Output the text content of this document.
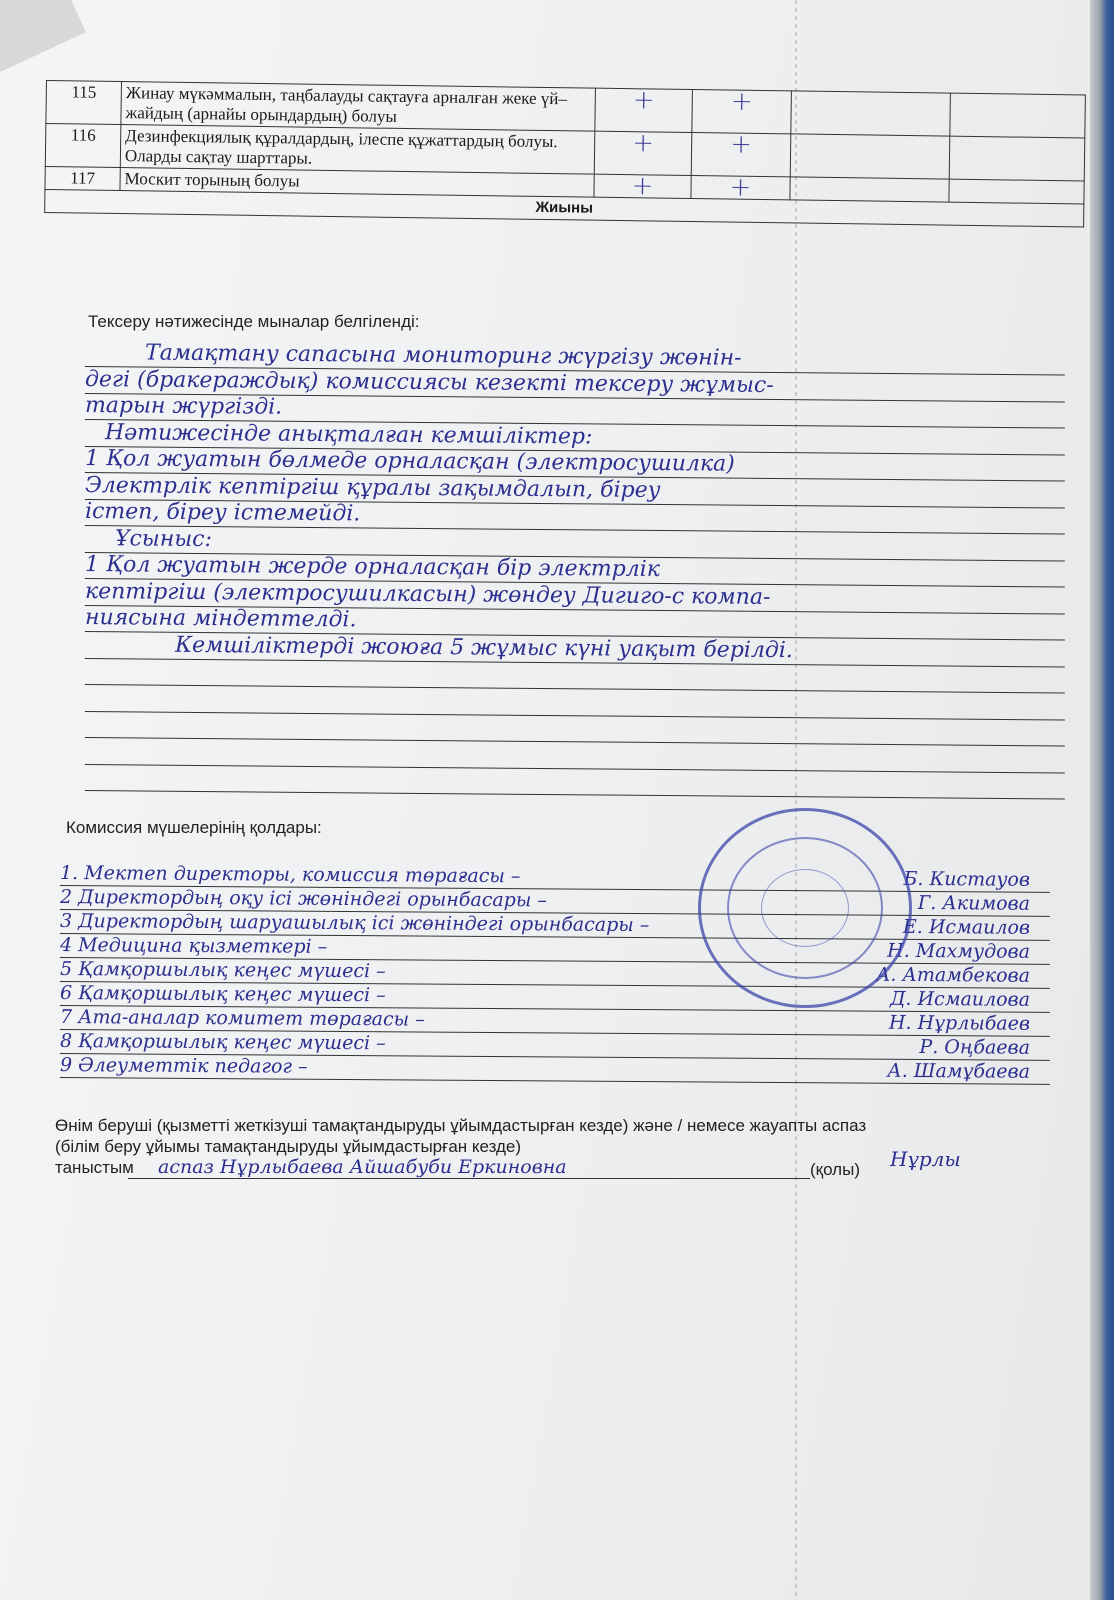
115	Жинау мүкәммалын, таңбалауды сақтауға арналған жеке үй–жайдың (арнайы орындардың) болуы	+	+		
116	Дезинфекциялық құралдардың, ілеспе құжаттардың болуы. Оларды сақтау шарттары.	+	+		
117	Москит торының болуы	+	+		
Жиыны					
Тексеру нәтижесінде мыналар белгіленді:
Тамақтану сапасына мониторинг жүргізу жөнін-
дегі (бракераждық) комиссиясы кезекті тексеру жұмыс-
тарын жүргізді.
Нәтижесінде анықталған кемшіліктер:
1 Қол жуатын бөлмеде орналасқан (электросушилка)
Электрлік кептіргіш құралы зақымдалып, біреу
істеп, біреу істемейді.
Ұсыныс:
1 Қол жуатын жерде орналасқан бір электрлік
кептіргіш (электросушилкасын) жөндеу Дигиго-с компа-
ниясына міндеттелді.
Кемшіліктерді жоюға 5 жұмыс күні уақыт берілді.
Комиссия мүшелерінің қолдары:
1. Мектеп директоры, комиссия төрағасы –	Б. Кистауов
2 Директордың оқу ісі жөніндегі орынбасары –	Г. Акимова
3 Директордың шаруашылық ісі жөніндегі орынбасары –	Е. Исмаилов
4 Медицина қызметкері –	Н. Махмудова
5 Қамқоршылық кеңес мүшесі –	А. Атамбекова
6 Қамқоршылық кеңес мүшесі –	Д. Исмаилова
7 Ата-аналар комитет төрағасы –	Н. Нұрлыбаев
8 Қамқоршылық кеңес мүшесі –	Р. Оңбаева
9 Әлеуметтік педагог –	А. Шамұбаева
Өнім беруші (қызметті жеткізуші тамақтандыруды ұйымдастырған кезде) және / немесе жауапты аспаз
(білім беру ұйымы тамақтандыруды ұйымдастырған кезде)
таныстым	аспаз Нұрлыбаева Айшабуби Еркиновна	(қолы) Нұрлы
